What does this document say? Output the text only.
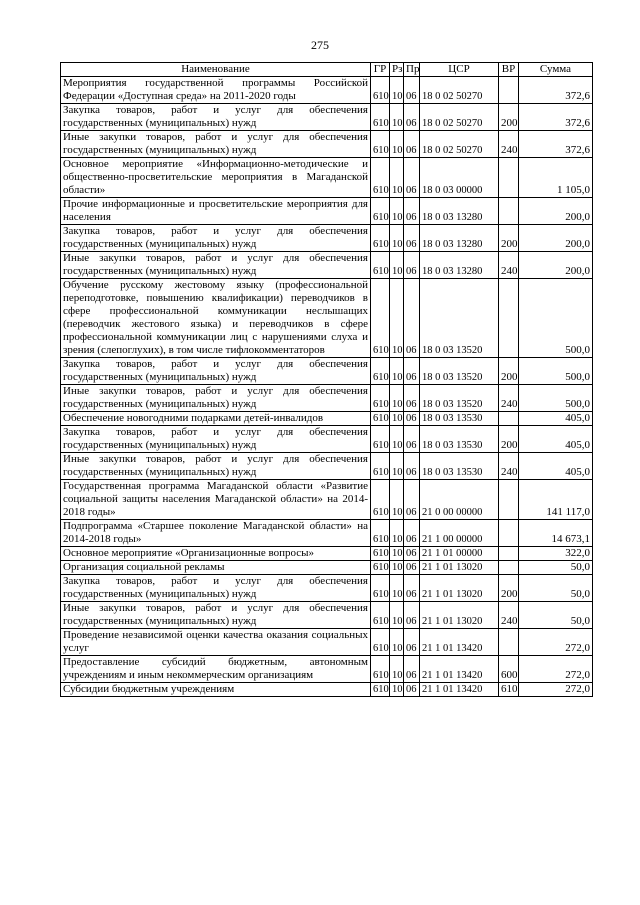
275
Наименование	ГР	Рз	Пр	ЦСР	ВР	Сумма
Мероприятия государственной программы Российской Федерации «Доступная среда» на 2011-2020 годы	610	10	06	18 0 02 50270		372,6
Закупка товаров, работ и услуг для обеспечения государственных (муниципальных) нужд	610	10	06	18 0 02 50270	200	372,6
Иные закупки товаров, работ и услуг для обеспечения государственных (муниципальных) нужд	610	10	06	18 0 02 50270	240	372,6
Основное мероприятие «Информационно-методические и общественно-просветительские мероприятия в Магаданской области»	610	10	06	18 0 03 00000		1 105,0
Прочие информационные и просветительские мероприятия для населения	610	10	06	18 0 03 13280		200,0
Закупка товаров, работ и услуг для обеспечения государственных (муниципальных) нужд	610	10	06	18 0 03 13280	200	200,0
Иные закупки товаров, работ и услуг для обеспечения государственных (муниципальных) нужд	610	10	06	18 0 03 13280	240	200,0
Обучение русскому жестовому языку (профессиональной переподготовке, повышению квалификации) переводчиков в сфере профессиональной коммуникации неслышащих (переводчик жестового языка) и переводчиков в сфере профессиональной коммуникации лиц с нарушениями слуха и зрения (слепоглухих), в том числе тифлокомментаторов	610	10	06	18 0 03 13520		500,0
Закупка товаров, работ и услуг для обеспечения государственных (муниципальных) нужд	610	10	06	18 0 03 13520	200	500,0
Иные закупки товаров, работ и услуг для обеспечения государственных (муниципальных) нужд	610	10	06	18 0 03 13520	240	500,0
Обеспечение новогодними подарками детей-инвалидов	610	10	06	18 0 03 13530		405,0
Закупка товаров, работ и услуг для обеспечения государственных (муниципальных) нужд	610	10	06	18 0 03 13530	200	405,0
Иные закупки товаров, работ и услуг для обеспечения государственных (муниципальных) нужд	610	10	06	18 0 03 13530	240	405,0
Государственная программа Магаданской области «Развитие социальной защиты населения Магаданской области» на 2014-2018 годы»	610	10	06	21 0 00 00000		141 117,0
Подпрограмма «Старшее поколение Магаданской области» на 2014-2018 годы»	610	10	06	21 1 00 00000		14 673,1
Основное мероприятие «Организационные вопросы»	610	10	06	21 1 01 00000		322,0
Организация социальной рекламы	610	10	06	21 1 01 13020		50,0
Закупка товаров, работ и услуг для обеспечения государственных (муниципальных) нужд	610	10	06	21 1 01 13020	200	50,0
Иные закупки товаров, работ и услуг для обеспечения государственных (муниципальных) нужд	610	10	06	21 1 01 13020	240	50,0
Проведение независимой оценки качества оказания социальных услуг	610	10	06	21 1 01 13420		272,0
Предоставление субсидий бюджетным, автономным учреждениям и иным некоммерческим организациям	610	10	06	21 1 01 13420	600	272,0
Субсидии бюджетным учреждениям	610	10	06	21 1 01 13420	610	272,0
